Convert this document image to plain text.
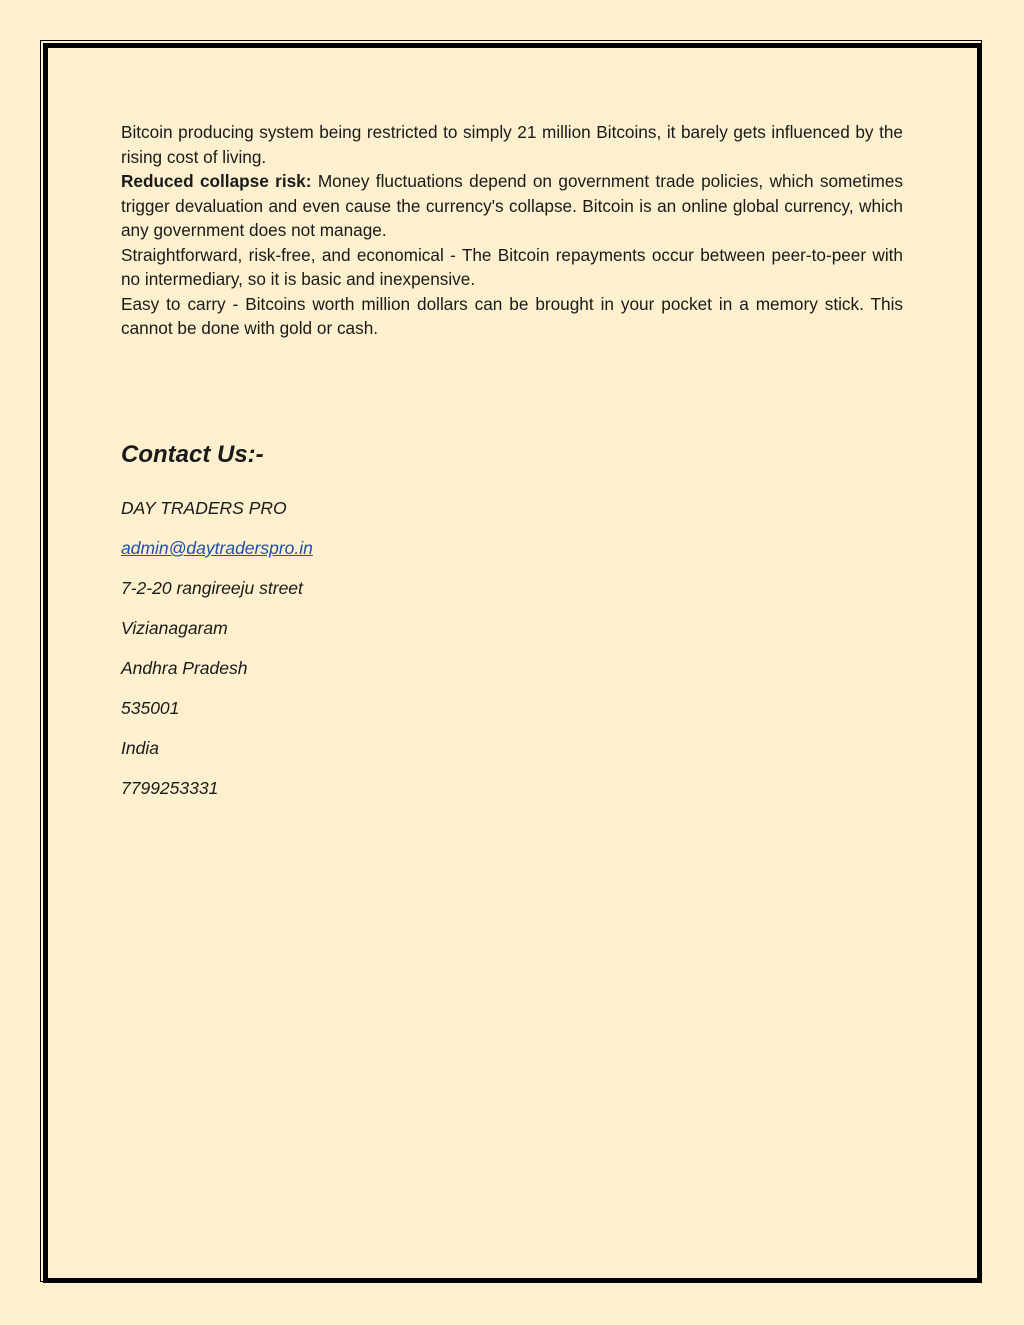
Bitcoin producing system being restricted to simply 21 million Bitcoins, it barely gets influenced by the rising cost of living.

Reduced collapse risk: Money fluctuations depend on government trade policies, which sometimes trigger devaluation and even cause the currency's collapse. Bitcoin is an online global currency, which any government does not manage.

Straightforward, risk-free, and economical - The Bitcoin repayments occur between peer-to-peer with no intermediary, so it is basic and inexpensive.

Easy to carry - Bitcoins worth million dollars can be brought in your pocket in a memory stick. This cannot be done with gold or cash.

Contact Us:-
DAY TRADERS PRO
admin@daytraderspro.in
7-2-20 rangireeju street
Vizianagaram
Andhra Pradesh
535001
India
7799253331
